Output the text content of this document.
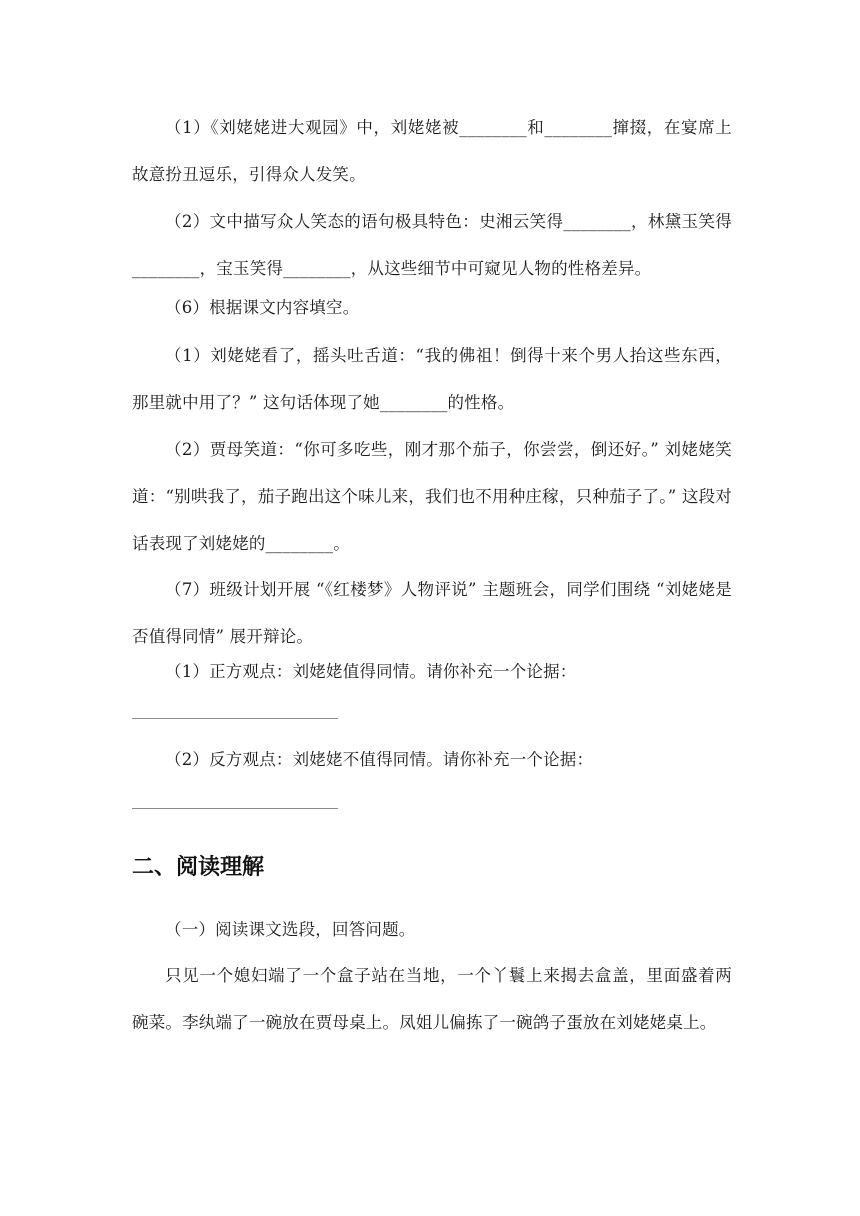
（1）《刘姥姥进大观园》中，刘姥姥被________和________撺掇，在宴席上故意扮丑逗乐，引得众人发笑。

（2）文中描写众人笑态的语句极具特色：史湘云笑得________，林黛玉笑得________，宝玉笑得________，从这些细节中可窥见人物的性格差异。

（6）根据课文内容填空。

（1）刘姥姥看了，摇头吐舌道：“我的佛祖！倒得十来个男人抬这些东西，那里就中用了？” 这句话体现了她________的性格。

（2）贾母笑道：“你可多吃些，刚才那个茄子，你尝尝，倒还好。” 刘姥姥笑道：“别哄我了，茄子跑出这个味儿来，我们也不用种庄稼，只种茄子了。” 这段对话表现了刘姥姥的________。

（7）班级计划开展 “《红楼梦》人物评说” 主题班会，同学们围绕 “刘姥姥是否值得同情” 展开辩论。

（1）正方观点：刘姥姥值得同情。请你补充一个论据：

（2）反方观点：刘姥姥不值得同情。请你补充一个论据：

二、阅读理解

（一）阅读课文选段，回答问题。

只见一个媳妇端了一个盒子站在当地，一个丫鬟上来揭去盒盖，里面盛着两碗菜。李纨端了一碗放在贾母桌上。凤姐儿偏拣了一碗鸽子蛋放在刘姥姥桌上。
